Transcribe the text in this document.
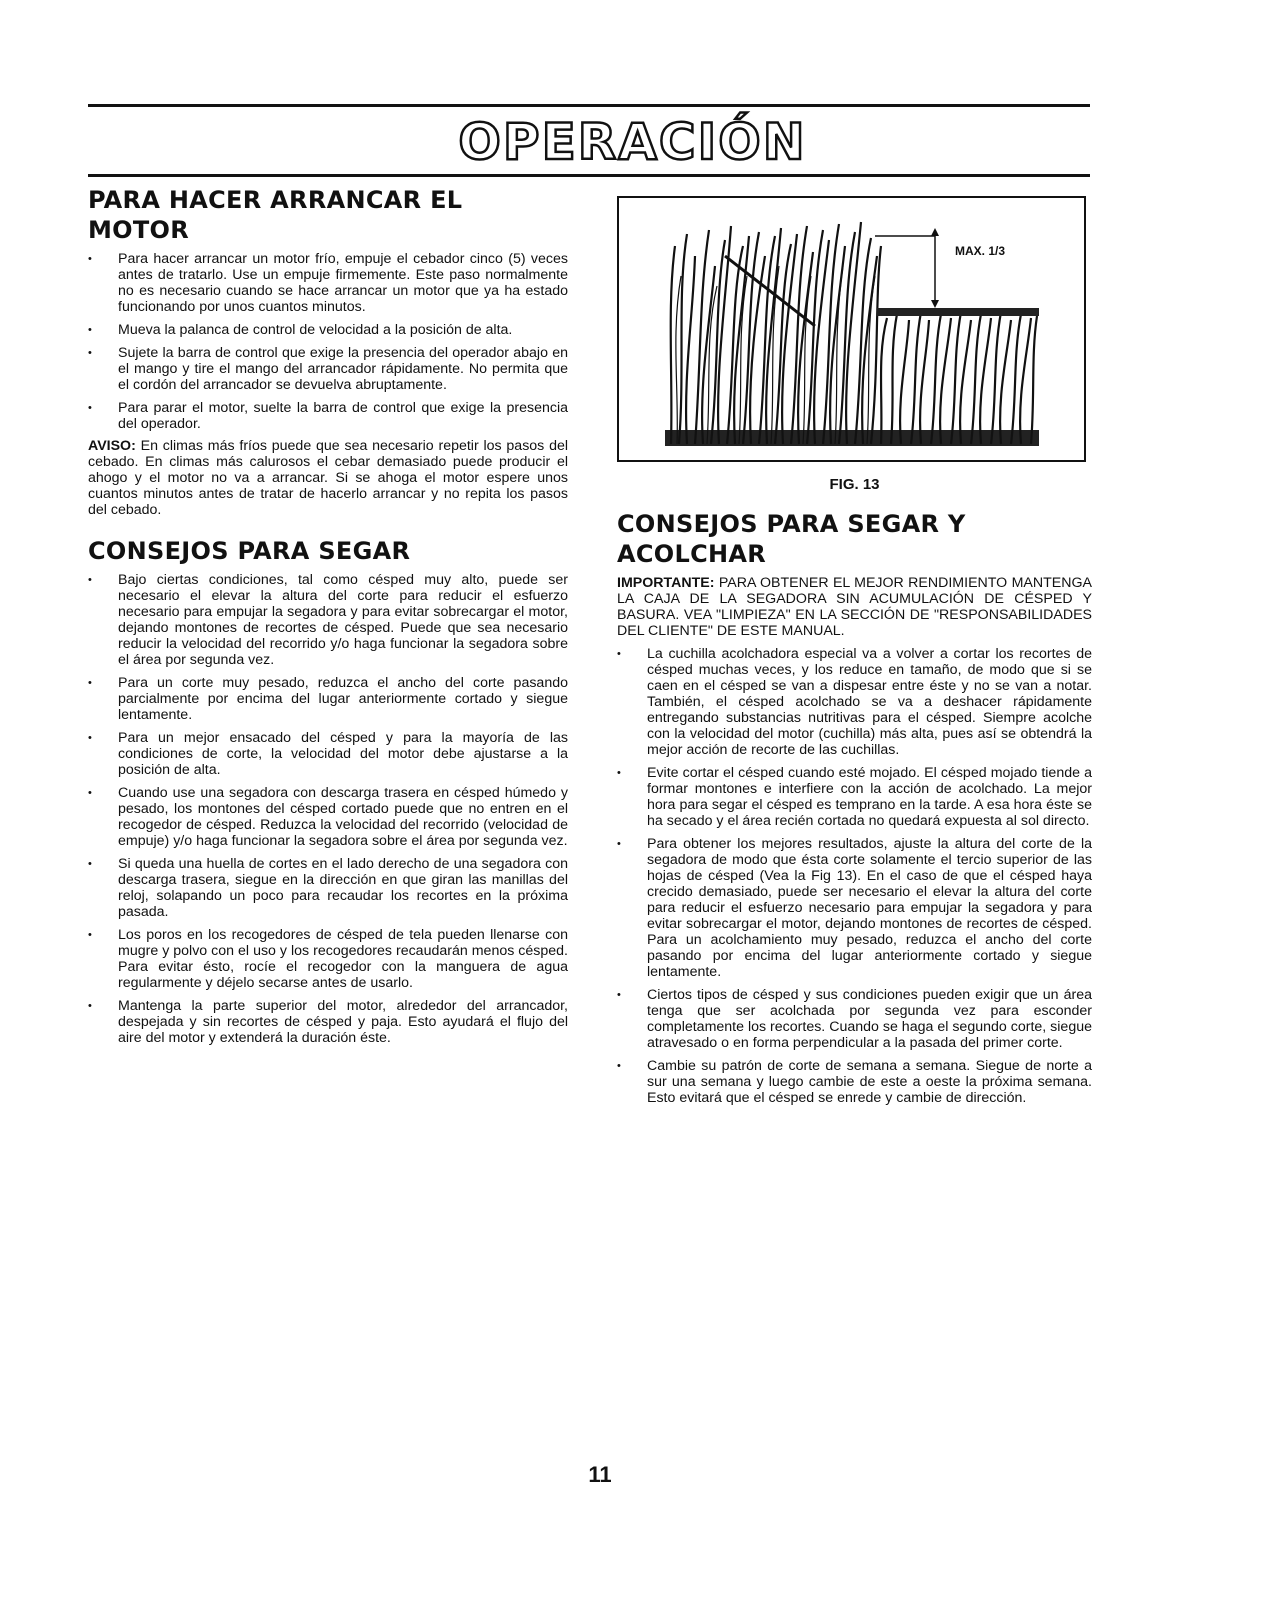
OPERACIÓN
PARA HACER ARRANCAR EL MOTOR
• Para hacer arrancar un motor frío, empuje el cebador cinco (5) veces antes de tratarlo. Use un empuje firmemente. Este paso normalmente no es necesario cuando se hace arrancar un motor que ya ha estado funcionando por unos cuantos minutos.
• Mueva la palanca de control de velocidad a la posición de alta.
• Sujete la barra de control que exige la presencia del operador abajo en el mango y tire el mango del arrancador rápidamente. No permita que el cordón del arrancador se devuelva abruptamente.
• Para parar el motor, suelte la barra de control que exige la presencia del operador.

AVISO: En climas más fríos puede que sea necesario repetir los pasos del cebado. En climas más calurosos el cebar demasiado puede producir el ahogo y el motor no va a arrancar. Si se ahoga el motor espere unos cuantos minutos antes de tratar de hacerlo arrancar y no repita los pasos del cebado.

CONSEJOS PARA SEGAR
• Bajo ciertas condiciones, tal como césped muy alto, puede ser necesario el elevar la altura del corte para reducir el esfuerzo necesario para empujar la segadora y para evitar sobrecargar el motor, dejando montones de recortes de césped. Puede que sea necesario reducir la velocidad del recorrido y/o haga funcionar la segadora sobre el área por segunda vez.
• Para un corte muy pesado, reduzca el ancho del corte pasando parcialmente por encima del lugar anteriormente cortado y siegue lentamente.
• Para un mejor ensacado del césped y para la mayoría de las condiciones de corte, la velocidad del motor debe ajustarse a la posición de alta.
• Cuando use una segadora con descarga trasera en césped húmedo y pesado, los montones del césped cortado puede que no entren en el recogedor de césped. Reduzca la velocidad del recorrido (velocidad de empuje) y/o haga funcionar la segadora sobre el área por segunda vez.
• Si queda una huella de cortes en el lado derecho de una segadora con descarga trasera, siegue en la dirección en que giran las manillas del reloj, solapando un poco para recaudar los recortes en la próxima pasada.
• Los poros en los recogedores de césped de tela pueden llenarse con mugre y polvo con el uso y los recogedores recaudarán menos césped. Para evitar ésto, rocíe el recogedor con la manguera de agua regularmente y déjelo secarse antes de usarlo.
• Mantenga la parte superior del motor, alrededor del arrancador, despejada y sin recortes de césped y paja. Esto ayudará el flujo del aire del motor y extenderá la duración éste.
MAX. 1/3
FIG. 13
CONSEJOS PARA SEGAR Y ACOLCHAR

IMPORTANTE: PARA OBTENER EL MEJOR RENDIMIENTO MANTENGA LA CAJA DE LA SEGADORA SIN ACUMULACIÓN DE CÉSPED Y BASURA. VEA "LIMPIEZA" EN LA SECCIÓN DE "RESPONSABILIDADES DEL CLIENTE" DE ESTE MANUAL.

• La cuchilla acolchadora especial va a volver a cortar los recortes de césped muchas veces, y los reduce en tamaño, de modo que si se caen en el césped se van a dispesar entre éste y no se van a notar. También, el césped acolchado se va a deshacer rápidamente entregando substancias nutritivas para el césped. Siempre acolche con la velocidad del motor (cuchilla) más alta, pues así se obtendrá la mejor acción de recorte de las cuchillas.
• Evite cortar el césped cuando esté mojado. El césped mojado tiende a formar montones e interfiere con la acción de acolchado. La mejor hora para segar el césped es temprano en la tarde. A esa hora éste se ha secado y el área recién cortada no quedará expuesta al sol directo.
• Para obtener los mejores resultados, ajuste la altura del corte de la segadora de modo que ésta corte solamente el tercio superior de las hojas de césped (Vea la Fig 13). En el caso de que el césped haya crecido demasiado, puede ser necesario el elevar la altura del corte para reducir el esfuerzo necesario para empujar la segadora y para evitar sobrecargar el motor, dejando montones de recortes de césped. Para un acolchamiento muy pesado, reduzca el ancho del corte pasando por encima del lugar anteriormente cortado y siegue lentamente.
• Ciertos tipos de césped y sus condiciones pueden exigir que un área tenga que ser acolchada por segunda vez para esconder completamente los recortes. Cuando se haga el segundo corte, siegue atravesado o en forma perpendicular a la pasada del primer corte.
• Cambie su patrón de corte de semana a semana. Siegue de norte a sur una semana y luego cambie de este a oeste la próxima semana. Esto evitará que el césped se enrede y cambie de dirección.
11
